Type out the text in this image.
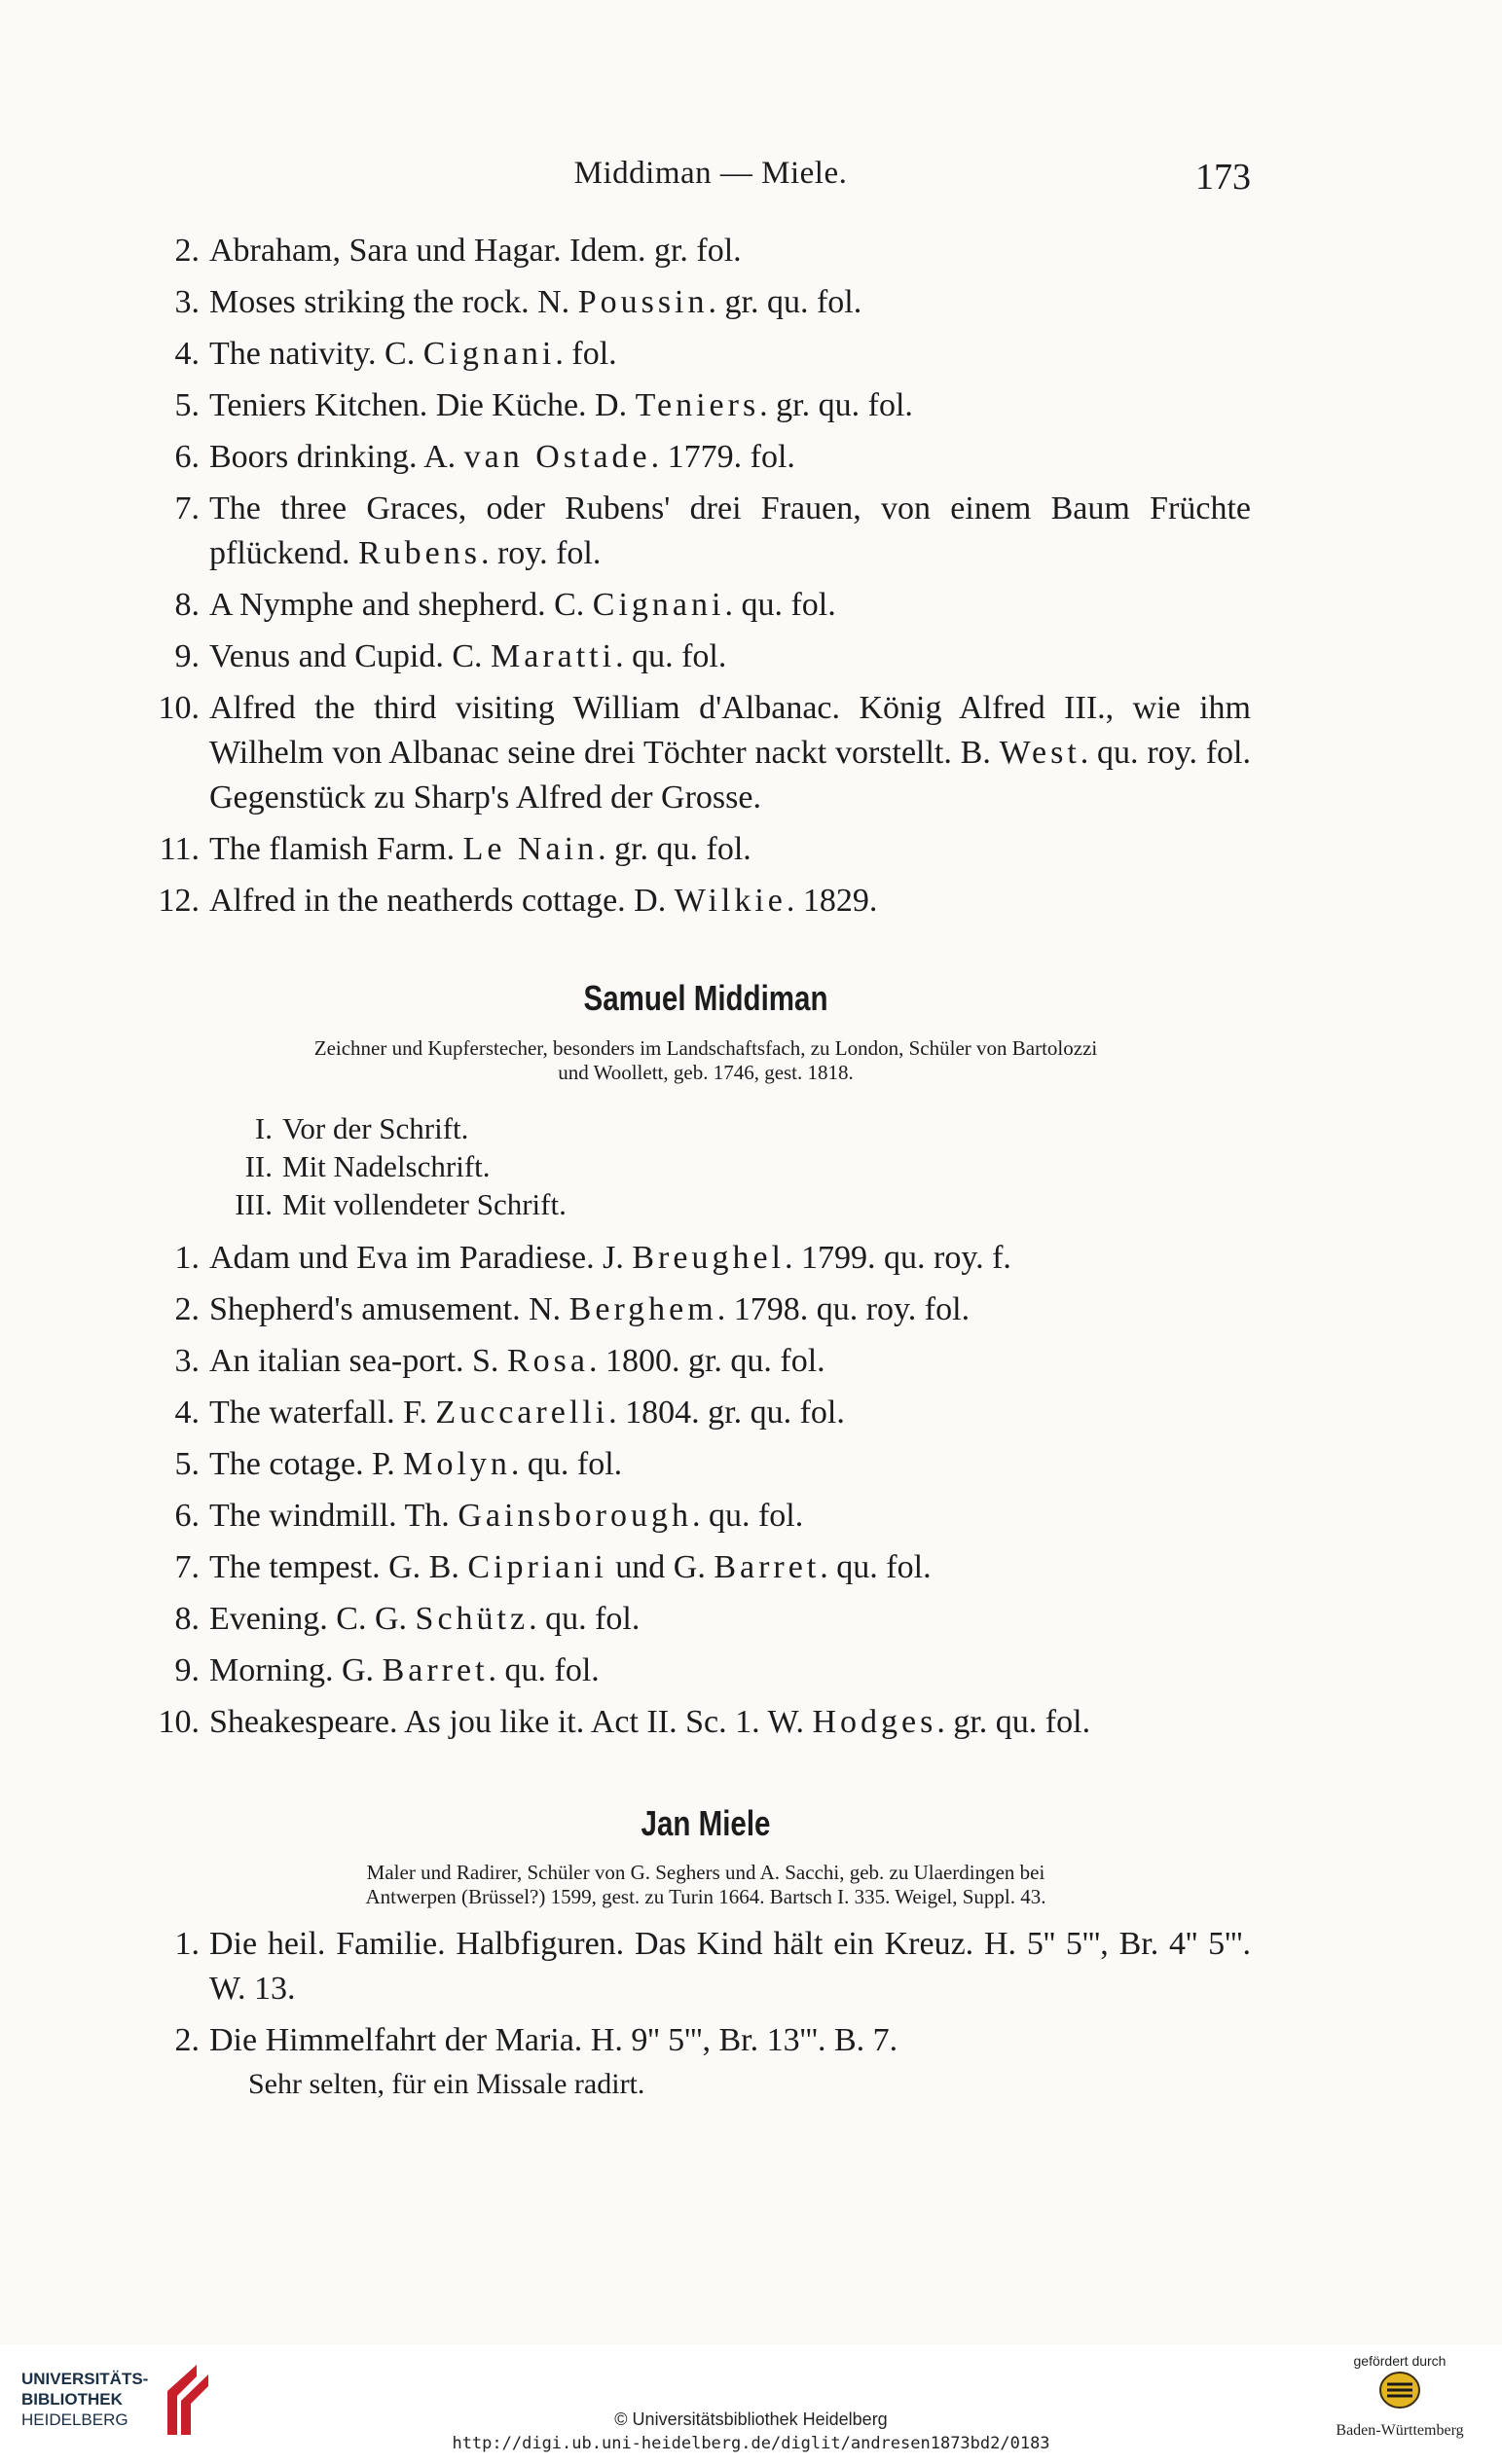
Middiman — Miele.	173
2. Abraham, Sara und Hagar. Idem. gr. fol.
3. Moses striking the rock. N. Poussin. gr. qu. fol.
4. The nativity. C. Cignani. fol.
5. Teniers Kitchen. Die Küche. D. Teniers. gr. qu. fol.
6. Boors drinking. A. van Ostade. 1779. fol.
7. The three Graces, oder Rubens' drei Frauen, von einem Baum Früchte pflückend. Rubens. roy. fol.
8. A Nymphe and shepherd. C. Cignani. qu. fol.
9. Venus and Cupid. C. Maratti. qu. fol.
10. Alfred the third visiting William d'Albanac. König Alfred III., wie ihm Wilhelm von Albanac seine drei Töchter nackt vorstellt. B. West. qu. roy. fol. Gegenstück zu Sharp's Alfred der Grosse.
11. The flamish Farm. Le Nain. gr. qu. fol.
12. Alfred in the neatherds cottage. D. Wilkie. 1829.
Samuel Middiman
Zeichner und Kupferstecher, besonders im Landschaftsfach, zu London, Schüler von Bartolozzi
und Woollett, geb. 1746, gest. 1818.
I. Vor der Schrift.
II. Mit Nadelschrift.
III. Mit vollendeter Schrift.
1. Adam und Eva im Paradiese. J. Breughel. 1799. qu. roy. f.
2. Shepherd's amusement. N. Berghem. 1798. qu. roy. fol.
3. An italian sea-port. S. Rosa. 1800. gr. qu. fol.
4. The waterfall. F. Zuccarelli. 1804. gr. qu. fol.
5. The cotage. P. Molyn. qu. fol.
6. The windmill. Th. Gainsborough. qu. fol.
7. The tempest. G. B. Cipriani und G. Barret. qu. fol.
8. Evening. C. G. Schütz. qu. fol.
9. Morning. G. Barret. qu. fol.
10. Sheakespeare. As jou like it. Act II. Sc. 1. W. Hodges. gr. qu. fol.
Jan Miele
Maler und Radirer, Schüler von G. Seghers und A. Sacchi, geb. zu Ulaerdingen bei
Antwerpen (Brüssel?) 1599, gest. zu Turin 1664. Bartsch I. 335. Weigel, Suppl. 43.
1. Die heil. Familie. Halbfiguren. Das Kind hält ein Kreuz. H. 5'' 5''', Br. 4'' 5'''. W. 13.
2. Die Himmelfahrt der Maria. H. 9'' 5''', Br. 13'''. B. 7.
Sehr selten, für ein Missale radirt.
UNIVERSITÄTS-
BIBLIOTHEK
HEIDELBERG	© Universitätsbibliothek Heidelberg
http://digi.ub.uni-heidelberg.de/diglit/andresen1873bd2/0183
gefördert durch
Baden-Württemberg
